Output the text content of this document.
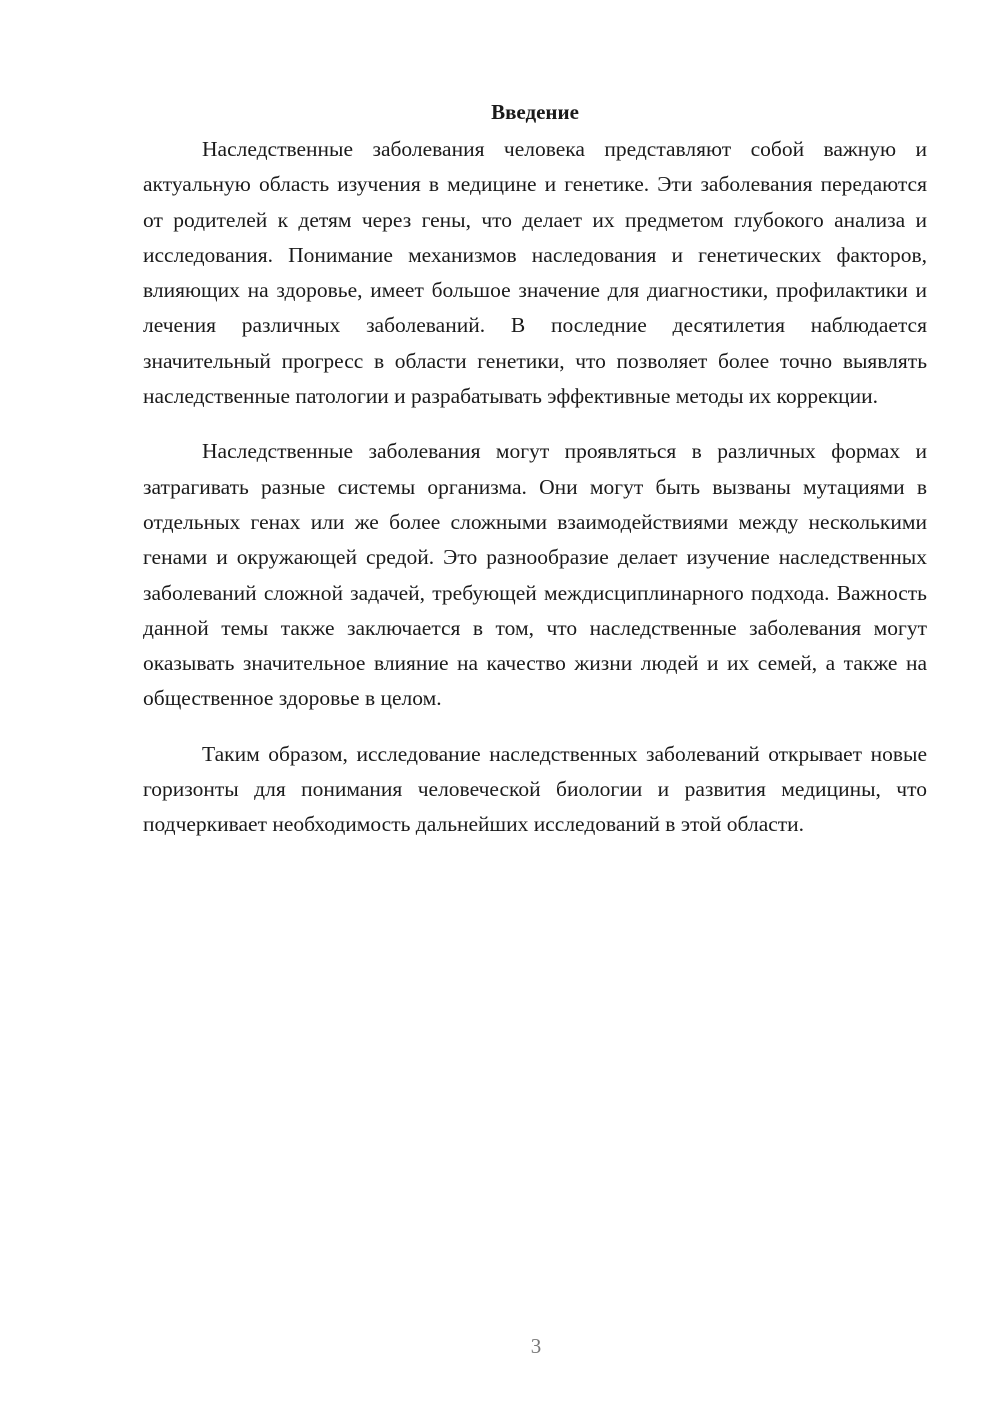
Введение

Наследственные заболевания человека представляют собой важную и актуальную область изучения в медицине и генетике. Эти заболевания передаются от родителей к детям через гены, что делает их предметом глубокого анализа и исследования. Понимание механизмов наследования и генетических факторов, влияющих на здоровье, имеет большое значение для диагностики, профилактики и лечения различных заболеваний. В последние десятилетия наблюдается значительный прогресс в области генетики, что позволяет более точно выявлять наследственные патологии и разрабатывать эффективные методы их коррекции.

Наследственные заболевания могут проявляться в различных формах и затрагивать разные системы организма. Они могут быть вызваны мутациями в отдельных генах или же более сложными взаимодействиями между несколькими генами и окружающей средой. Это разнообразие делает изучение наследственных заболеваний сложной задачей, требующей междисциплинарного подхода. Важность данной темы также заключается в том, что наследственные заболевания могут оказывать значительное влияние на качество жизни людей и их семей, а также на общественное здоровье в целом.

Таким образом, исследование наследственных заболеваний открывает новые горизонты для понимания человеческой биологии и развития медицины, что подчеркивает необходимость дальнейших исследований в этой области.

3
